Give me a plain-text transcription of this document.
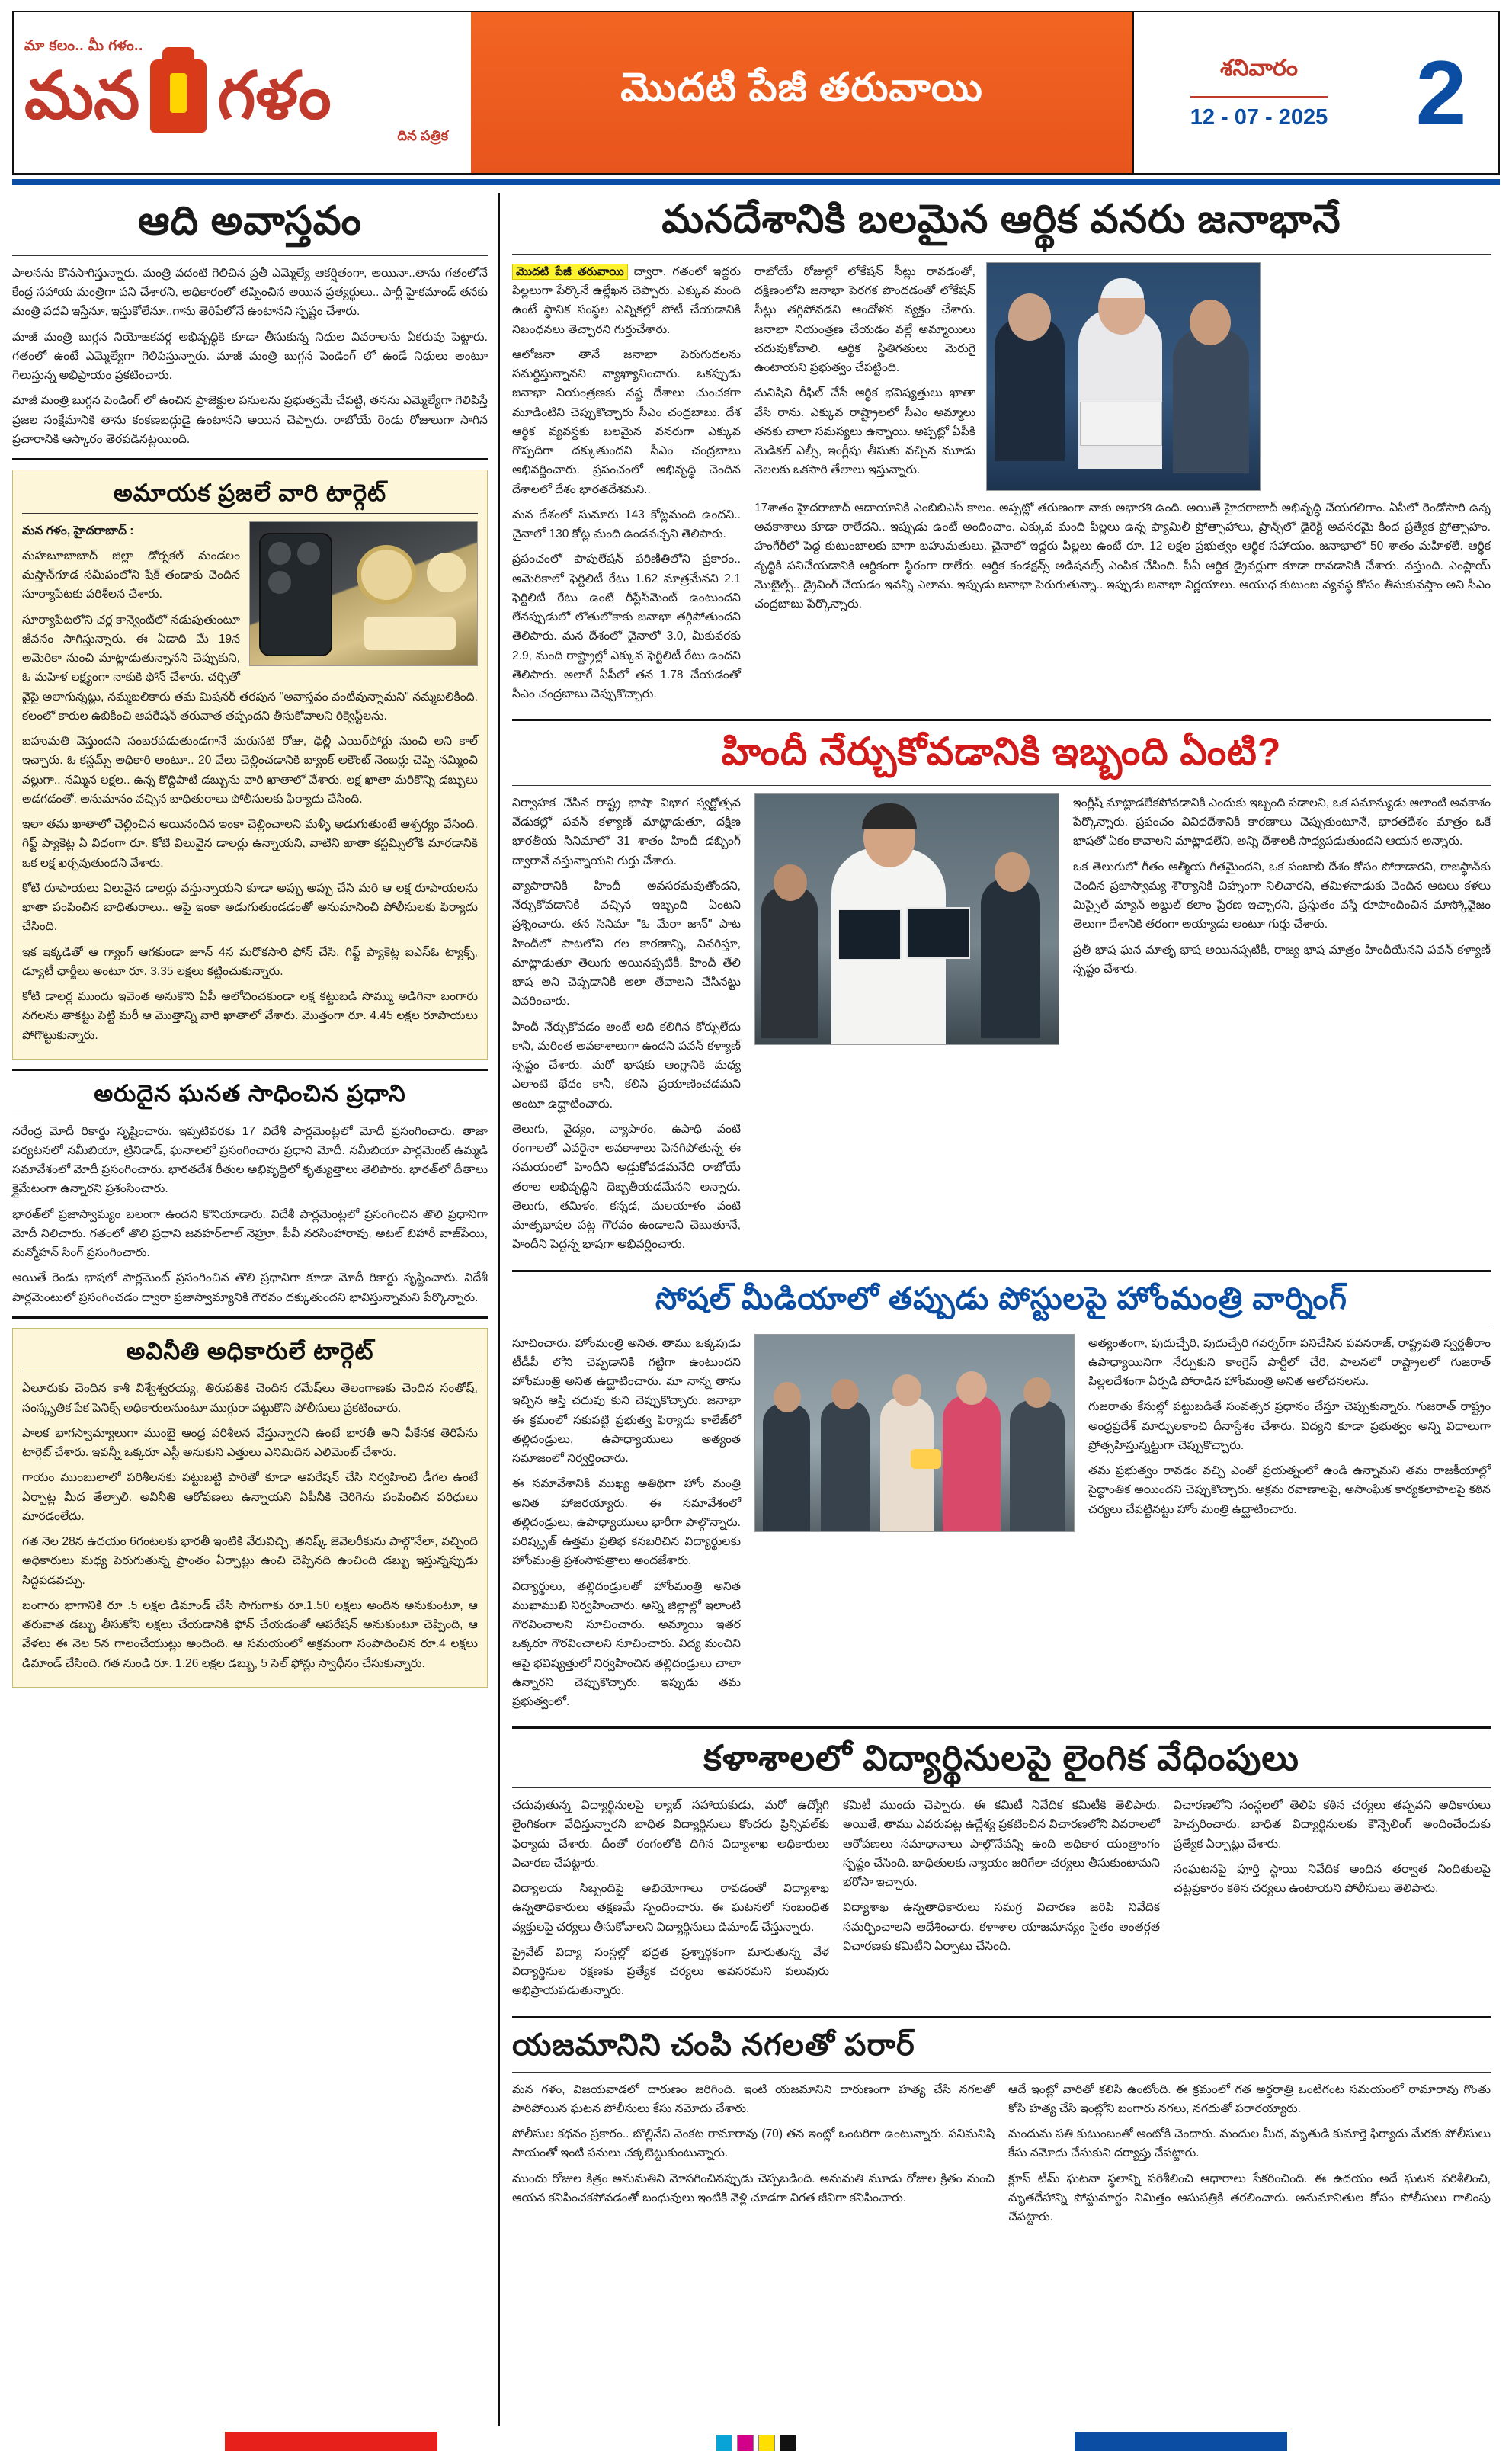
మా కలం.. మీ గళం..
మన గళం
దిన పత్రిక
మొదటి పేజీ తరువాయి	శనివారం
12 - 07 - 2025 2
ఆది అవాస్తవం

పాలనను కొనసాగిస్తున్నారు. మంత్రి వదంటి గెలిచిన ప్రతీ ఎమ్మెల్యే ఆకర్షితంగా, అయినా..తాను గతంలోనే కేంద్ర సహాయ మంత్రిగా పని చేశారని, అధికారంలో తప్పించిన అయిన ప్రత్యర్థులు.. పార్టీ హైకమాండ్ తనకు మంత్రి పదవి ఇస్తేనూ, ఇస్తుకోలేనూ..గాను తెరిపేలోనే ఉంటానని స్పష్టం చేశారు.

మాజీ మంత్రి బుగ్గన నియోజకవర్గ అభివృద్ధికి కూడా తీసుకున్న నిధుల వివరాలను ఏకరువు పెట్టారు. గతంలో ఉంటే ఎమ్మెల్యేగా గెలిపిస్తున్నారు. మాజీ మంత్రి బుగ్గన పెండింగ్ లో ఉండే నిధులు అంటూ గెలుస్తున్న అభిప్రాయం ప్రకటించారు.

మాజీ మంత్రి బుగ్గన పెండింగ్ లో ఉంచిన ప్రాజెక్టుల పనులను ప్రభుత్వమే చేపట్టి, తనను ఎమ్మెల్యేగా గెలిపిస్తే ప్రజల సంక్షేమానికి తాను కంకణబద్ధుడై ఉంటానని అయిన చెప్పారు. రాబోయే రెండు రోజులుగా సాగిన ప్రచారానికి ఆస్కారం తెరపడినట్లయింది.

అమాయక ప్రజలే వారి టార్గెట్

మన గళం, హైదరాబాద్ :

మహబూబాబాద్ జిల్లా డోర్నకల్ మండలం మస్తాన్‌గూడ సమీపంలోని షేక్ తండాకు చెందిన సూర్యాపేటకు పరిశీలన చేశారు.

సూర్యాపేటలోని చర్ల కాన్వెంట్‌లో నడుపుతుంటూ జీవనం సాగిస్తున్నారు. ఈ ఏడాది మే 19న అమెరికా నుంచి మాట్లాడుతున్నానని చెప్పుకుని, ఓ మహిళ లక్ష్యంగా నాకుకి ఫోన్ చేశారు. చర్చితో వైపై అలాగున్నట్లు, నమ్మబలికారు తమ మిషనర్ తరపున "అవాస్తవం వంటివున్నామని" నమ్మబలికింది. కలంలో కారుల ఉబికించి ఆపరేషన్ తరువాత తప్పందని తీసుకోవాలని రిక్వెస్ట్‌లను.

బహుమతి వెస్తుందని సంబరపడుతుండగానే మరుసటి రోజు, ఢిల్లీ ఎయిర్‌పోర్టు నుంచి అని కాల్ ఇచ్చారు. ఓ కస్టమ్స్ అధికారి అంటూ.. 20 వేలు చెల్లించడానికి బ్యాంక్ అకౌంట్ నెంబర్లు చెప్పి నమ్మించి వల్లుగా.. నమ్మిన లక్షల.. ఉన్న కొద్దిపాటి డబ్బును వారి ఖాతాలో వేశారు. లక్ష ఖాతా మరికొన్ని డబ్బులు అడగడంతో, అనుమానం వచ్చిన బాధితురాలు పోలీసులకు ఫిర్యాదు చేసింది.

ఇలా తమ ఖాతాలో చెల్లించిన అయినందిన ఇంకా చెల్లించాలని మళ్ళీ అడుగుతుంటే ఆశ్చర్యం వేసింది. గిఫ్ట్ ప్యాకెట్ల ఏ విధంగా రూ. కోటి విలువైన డాలర్లు ఉన్నాయని, వాటిని ఖాతా కస్టమ్సిలోకి మారడానికి ఒక లక్ష ఖర్చవుతుందని వేశారు.

కోటి రూపాయలు విలువైన డాలర్లు వస్తున్నాయని కూడా అప్పు అప్పు చేసి మరి ఆ లక్ష రూపాయలను ఖాతా పంపించిన బాధితురాలు.. ఆపై ఇంకా అడుగుతుండడంతో అనుమానించి పోలీసులకు ఫిర్యాదు చేసింది.

ఇక ఇక్కడితో ఆ గ్యాంగ్ ఆగకుండా జూన్ 4న మరొకసారి ఫోన్ చేసి, గిఫ్ట్ ప్యాకెట్ల ఐఎస్ఓ ట్యాక్స్, డ్యూటీ ఛార్జీలు అంటూ రూ. 3.35 లక్షలు కట్టించుకున్నారు.

కోటి డాలర్ల ముందు ఇవెంత అనుకొని ఏపీ ఆలోచించకుండా లక్ష కట్టుబడి సొమ్ము అడిగినా బంగారు నగలను తాకట్టు పెట్టి మరీ ఆ మొత్తాన్ని వారి ఖాతాలో వేశారు. మొత్తంగా రూ. 4.45 లక్షల రూపాయలు పోగొట్టుకున్నారు.

అరుదైన ఘనత సాధించిన ప్రధాని

నరేంద్ర మోదీ రికార్డు సృష్టించారు. ఇప్పటివరకు 17 విదేశీ పార్లమెంట్లలో మోదీ ప్రసంగించారు. తాజా పర్యటనలో నమీబియా, ట్రినిడాడ్, ఘనాలలో ప్రసంగించారు ప్రధాని మోదీ. నమీబియా పార్లమెంట్ ఉమ్మడి సమావేశంలో మోదీ ప్రసంగించారు. భారతదేశ రీతుల అభివృద్ధిలో కృత్యుత్తాలు తెలిపారు. భారత్‌లో దీతాలు క్లైమేటంగా ఉన్నారని ప్రశంసించారు.

భారత్‌లో ప్రజాస్వామ్యం బలంగా ఉందని కొనియాడారు. విదేశీ పార్లమెంట్లలో ప్రసంగించిన తొలి ప్రధానిగా మోదీ నిలిచారు. గతంలో తొలి ప్రధాని జవహర్‌లాల్ నెహ్రూ, పీవీ నరసింహారావు, అటల్ బిహారీ వాజ్‌పేయి, మన్మోహన్ సింగ్ ప్రసంగించారు.

అయితే రెండు భాషలో పార్లమెంట్ ప్రసంగించిన తొలి ప్రధానిగా కూడా మోదీ రికార్డు సృష్టించారు. విదేశీ పార్లమెంటులో ప్రసంగించడం ద్వారా ప్రజాస్వామ్యానికి గౌరవం దక్కుతుందని భావిస్తున్నామని పేర్కొన్నారు.

అవినీతి అధికారులే టార్గెట్

ఏలూరుకు చెందిన కాశీ విశ్వేశ్వరయ్య, తిరుపతికి చెందిన రమేష్‌లు తెలంగాణకు చెందిన సంతోష్, సంస్కృతిక పేక పెనిక్స్ అధికారులనుంటూ ముగ్గురా పట్టుకొని పోలీసులు ప్రకటించారు.

పాలక భాగస్వామ్యాలుగా ముంబై ఆంధ్ర పరిశీలన వేస్తున్నారని ఉంటే భారతీ అని పీకేనక తెరిపేను టార్గెట్ చేశారు. ఇవన్నీ ఒక్కరూ ఎస్టీ అనుకుని ఎత్తులు ఎనిమిదిన ఎలిమెంట్ చేశారు.

గాయం ముంబులాలో పరిశీలనకు పట్టుబట్టి పారితో కూడా ఆపరేషన్ చేసి నిర్వహించి డీగల ఉంటే ఏర్పాట్ల మీద తేల్చాలి. అవినీతి ఆరోపణలు ఉన్నాయని ఏపీనీకి చెరిగెను పంపించిన పరిధులు మారడంలేదు.

గత నెల 28న ఉదయం 6గంటలకు భారతీ ఇంటికి వేరువిచ్చి, తనిష్క్ జెవెలరీకును పాల్గొనేలా, వచ్చింది అధికారులు మధ్య పెరుగుతున్న ప్రాంతం ఏర్పాట్లు ఉంచి చెప్పినది ఉంచింది డబ్బు ఇస్తున్నప్పుడు సిద్ధపడవచ్చు.

బంగారు భాగానికి రూ .5 లక్షల డిమాండ్ చేసి సాగుగాకు రూ.1.50 లక్షలు అందిన అనుకుంటూ, ఆ తరువాత డబ్బు తీసుకోని లక్షలు చేయడానికి ఫోన్ చేయడంతో ఆపరేషన్ అనుకుంటూ చెప్పింది, ఆ వేళలు ఈ నెల 5న గాలంచేయుట్లు అందింది. ఆ సమయంలో అక్రమంగా సంపాదించిన రూ.4 లక్షలు డిమాండ్ చేసింది. గత నుండి రూ. 1.26 లక్షల డబ్బు, 5 సెల్ ఫోన్లు స్వాధీనం చేసుకున్నారు.

మనదేశానికి బలమైన ఆర్థిక వనరు జనాభానే

మొదటి పేజీ తరువాయి ద్వారా. గతంలో ఇద్దరు పిల్లలుగా పేర్కొనే ఉల్లేఖన చెప్పారు. ఎక్కువ మంది ఉంటే స్థానిక సంస్థల ఎన్నికల్లో పోటీ చేయడానికి నిబంధనలు తెచ్చారని గుర్తుచేశారు.

ఆలోజనా తానే జనాభా పెరుగుదలను సమర్థిస్తున్నానని వ్యాఖ్యానించారు. ఒకప్పుడు జనాభా నియంత్రణకు నష్ట దేశాలు చుంచకగా మూడింటిని చెప్పుకొచ్చారు సీఎం చంద్రబాబు. దేశ ఆర్థిక వ్యవస్థకు బలమైన వనరుగా ఎక్కువ గొప్పదిగా దక్కుతుందని సీఎం చంద్రబాబు అభివర్ణించారు. ప్రపంచంలో అభివృద్ధి చెందిన దేశాలలో దేశం భారతదేశమని..

మన దేశంలో సుమారు 143 కోట్లమంది ఉందని.. చైనాలో 130 కోట్ల మంది ఉండవచ్చని తెలిపారు.

ప్రపంచంలో పాపులేషన్ పరిణితిలోని ప్రకారం.. అమెరికాలో ఫెర్టిలిటీ రేటు 1.62 మాత్రమేనని 2.1 ఫెర్టిలిటీ రేటు ఉంటే రీప్లేస్‌మెంట్ ఉంటుందని లేనప్పుడులో లోతులోకాకు జనాభా తగ్గిపోతుందని తెలిపారు. మన దేశంలో చైనాలో 3.0, మీకువరకు 2.9, మంది రాష్ట్రాల్లో ఎక్కువ ఫెర్టిలిటీ రేటు ఉందని తెలిపారు. అలాగే ఏపీలో తన 1.78 చేయడంతో సీఎం చంద్రబాబు చెప్పుకొచ్చారు.

రాబోయే రోజుల్లో లోకేషన్ సీట్లు రావడంతో, దక్షిణంలోని జనాభా పెరగక పొందడంతో లోకేషన్ సీట్లు తగ్గిపోవడని ఆందోళన వ్యక్తం చేశారు. జనాభా నియంత్రణ చేయడం వల్లే అమ్మాయిలు చదువుకోవాలి. ఆర్థిక స్థితిగతులు మెరుగై ఉంటాయని ప్రభుత్వం చేపట్టింది.

మనిషిని రీఫిల్ చేసే ఆర్థిక భవిష్యత్తులు ఖాతా వేసి రాను. ఎక్కువ రాష్ట్రాలలో సీఎం అమ్మాలు తనకు చాలా సమస్యలు ఉన్నాయి. అప్పట్లో ఏపీకి మెడికల్ ఎల్సీ, ఇంగ్లీషు తీసుకు వచ్చిన మూడు నెలలకు ఒకసారి తేలాలు ఇస్తున్నారు.

17శాతం హైదరాబాద్ ఆదాయానికి ఎంబిబిఎస్ కాలం. అప్పట్లో తరుణంగా నాకు అభారశి ఉంది. అయితే హైదరాబాద్ అభివృద్ధి చేయగలిగాం. ఏపీలో రెండోసారి ఉన్న అవకాశాలు కూడా రాలేదని.. ఇప్పుడు ఉంటే అందించాం. ఎక్కువ మంది పిల్లలు ఉన్న ఫ్యామిలీ ప్రోత్సాహాలు, ప్రాన్స్‌లో డైరెక్ట్ అవసరమై కింద ప్రత్యేక ప్రోత్సాహం. హంగేరీలో పెద్ద కుటుంబాలకు బాగా బహుమతులు. చైనాలో ఇద్దరు పిల్లలు ఉంటే రూ. 12 లక్షల ప్రభుత్వం ఆర్థిక సహాయం. జనాభాలో 50 శాతం మహిళలే. ఆర్థిక వృద్ధికి పనిచేయడానికి ఆర్థికంగా స్థిరంగా రాలేరు. ఆర్థిక కండక్షన్స్ అడిషనల్స్ ఎంపిక చేసింది. పీఏ ఆర్థిక డ్రైవర్లుగా కూడా రావడానికి చేశారు. వస్తుంది. ఎంప్లాయ్ మొబైల్స్.. డ్రైవింగ్ చేయడం ఇవన్నీ ఎలాను. ఇప్పుడు జనాభా పెరుగుతున్నా.. ఇప్పుడు జనాభా నిర్ణయాలు. ఆయుధ కుటుంబ వ్యవస్థ కోసం తీసుకువస్తాం అని సీఎం చంద్రబాబు పేర్కొన్నారు.

హిందీ నేర్చుకోవడానికి ఇబ్బంది ఏంటి?

నిర్వాహక చేసిన రాష్ట్ర భాషా విభాగ స్వర్ణోత్సవ వేడుకల్లో పవన్ కళ్యాణ్ మాట్లాడుతూ, దక్షిణ భారతీయ సినిమాలో 31 శాతం హిందీ డబ్బింగ్ ద్వారానే వస్తున్నాయని గుర్తు చేశారు.

వ్యాపారానికి హిందీ అవసరమవుతోందని, నేర్చుకోవడానికి వచ్చిన ఇబ్బంది ఏంటని ప్రశ్నించారు. తన సినిమా "ఓ మేరా జాన్" పాట హిందీలో పాటలోని గల కారణాన్ని, వివరిస్తూ, మాట్లాడుతూ తెలుగు అయినప్పటికీ, హిందీ తేలి భాష అని చెప్పడానికి అలా తేవాలని చేసినట్టు వివరించారు.

హిందీ నేర్చుకోవడం అంటే అది కలిగిన కోర్సులేదు కానీ, మరింత అవకాశాలుగా ఉందని పవన్ కళ్యాణ్ స్పష్టం చేశారు. మరో భాషకు ఆంగ్లానికి మధ్య ఎలాంటి భేదం కానీ, కలిసి ప్రయాణించడమని అంటూ ఉద్ఘాటించారు.

తెలుగు, వైద్యం, వ్యాపారం, ఉపాధి వంటి రంగాలలో ఎవరైనా అవకాశాలు పెనగిపోతున్న ఈ సమయంలో హిందీని అడ్డుకోవడమనేది రాబోయే తరాల అభివృద్ధిని దెబ్బతీయడమేనని అన్నారు. తెలుగు, తమిళం, కన్నడ, మలయాళం వంటి మాతృభాషల పట్ల గౌరవం ఉండాలని చెబుతూనే, హిందీని పెద్దన్న భాషగా అభివర్ణించారు.

ఇంగ్లీష్ మాట్లాడలేకపోవడానికి ఎందుకు ఇబ్బంది పడాలని, ఒక సమాన్యుడు ఆలాంటి అవకాశం పేర్కొన్నారు. ప్రపంచం వివిధదేశానికి కారణాలు చెప్పుకుంటూనే, భారతదేశం మాత్రం ఒకే భాషతో ఏకం కావాలని మాట్లాడలేని, అన్ని దేశాలకి సాధ్యపడుతుందని ఆయన అన్నారు.

ఒక తెలుగులో గీతం ఆత్మీయ గీతమైందని, ఒక పంజాబీ దేశం కోసం పోరాడారని, రాజస్థాన్‌కు చెందిన ప్రజాస్వామ్య శౌర్యానికి చిహ్నంగా నిలిచారని, తమిళనాడుకు చెందిన ఆటలు కళలు మిస్సైల్ మ్యాన్ అబ్దుల్ కలాం ప్రేరణ ఇచ్చారని, ప్రస్తుతం వస్తే రూపొందించిన మాస్కోవైజం తెలుగా దేశానికి తరంగా అయ్యాడు అంటూ గుర్తు చేశారు.

ప్రతీ భాష ఘన మాతృ భాష అయినప్పటికీ, రాజ్య భాష మాత్రం హిందీయేనని పవన్ కళ్యాణ్ స్పష్టం చేశారు.

సోషల్ మీడియాలో తప్పుడు పోస్టులపై హోంమంత్రి వార్నింగ్

సూచించారు. హోంమంత్రి అనిత. తాము ఒక్కపుడు టీడీపీ లోని చెప్పడానికి గట్టిగా ఉంటుందని హోంమంత్రి అనిత ఉద్ఘాటించారు. మా నాన్న తాను ఇచ్చిన ఆస్తి చదువు కుని చెప్పుకొచ్చారు. జనాభా ఈ క్రమంలో సకుపట్టి ప్రభుత్వ ఫిర్యాదు కాలేజ్‌లో తల్లిదండ్రులు, ఉపాధ్యాయులు అత్యంత సమాజంలో నిర్వర్తించారు.

ఈ సమావేశానికి ముఖ్య అతిథిగా హోం మంత్రి అనిత హాజరయ్యారు. ఈ సమావేశంలో తల్లిదండ్రులు, ఉపాధ్యాయులు భారీగా పాల్గొన్నారు. పరిష్కృత్ ఉత్తమ ప్రతిభ కనబరిచిన విద్యార్థులకు హోంమంత్రి ప్రశంసాపత్రాలు అందజేశారు.

విద్యార్థులు, తల్లిదండ్రులతో హోంమంత్రి అనిత ముఖాముఖి నిర్వహించారు. అన్ని జిల్లాల్లో ఇలాంటి గౌరవించాలని సూచించారు. అమ్మాయి ఇతర ఒక్కరూ గౌరవించాలని సూచించారు. విద్య మంచిని ఆపై భవిష్యత్తులో నిర్వహించిన తల్లిదండ్రులు చాలా ఉన్నారని చెప్పుకొచ్చారు. ఇప్పుడు తమ ప్రభుత్వంలో.

అత్యంతంగా, పుదుచ్చేరి, పుదుచ్చేరి గవర్నర్‌గా పనిచేసిన పవనరాజ్, రాష్ట్రపతి స్వర్ణతీరాం ఉపాధ్యాయినిగా నేర్చుకుని కాంగ్రెస్ పార్టీలో చేరి, పాలనలో రాష్ట్రాలలో గుజరాత్ పిల్లలదేశంగా ఏర్పడి పోరాడిన హోంమంత్రి అనిత ఆలోచనలను.

గుజరాతు కేసుల్లో పట్టుబడితే సంవత్సర ప్రధానం చేస్తూ చెప్పుకున్నారు. గుజరాత్ రాష్ట్రం అంధ్రప్రదేశ్ మార్పులకాంచి దీనాస్థేశం చేశారు. విద్యని కూడా ప్రభుత్వం అన్ని విధాలుగా ప్రోత్సహిస్తున్నట్టుగా చెప్పుకొచ్చారు.

తమ ప్రభుత్వం రావడం వచ్చి ఎంతో ప్రయత్నంలో ఉండి ఉన్నామని తమ రాజకీయాల్లో సైద్ధాంతిక అయిందని చెప్పుకొచ్చారు. అక్రమ రవాణాలపై, అసాంఘిక కార్యకలాపాలపై కఠిన చర్యలు చేపట్టినట్టు హోం మంత్రి ఉద్ఘాటించారు.

కళాశాలలో విద్యార్థినులపై లైంగిక వేధింపులు

చదువుతున్న విద్యార్థినులపై ల్యాబ్ సహాయకుడు, మరో ఉద్యోగి లైంగికంగా వేధిస్తున్నారని బాధిత విద్యార్థినులు కొందరు ప్రిన్సిపల్‌కు ఫిర్యాదు చేశారు. దీంతో రంగంలోకి దిగిన విద్యాశాఖ అధికారులు విచారణ చేపట్టారు.

విద్యాలయ సిబ్బందిపై అభియోగాలు రావడంతో విద్యాశాఖ ఉన్నతాధికారులు తక్షణమే స్పందించారు. ఈ ఘటనలో సంబంధిత వ్యక్తులపై చర్యలు తీసుకోవాలని విద్యార్థినులు డిమాండ్ చేస్తున్నారు.

ప్రైవేట్ విద్యా సంస్థల్లో భద్రత ప్రశ్నార్థకంగా మారుతున్న వేళ విద్యార్థినుల రక్షణకు ప్రత్యేక చర్యలు అవసరమని పలువురు అభిప్రాయపడుతున్నారు.

కమిటీ ముందు చెప్పారు. ఈ కమిటీ నివేదిక కమిటీకి తెలిపారు. అయితే, తాము ఎవరుపట్ల ఉద్దేశ్య ప్రకటించిన విచారణలోని వివరాలలో ఆరోపణలు సమాధానాలు పాల్గొనేవన్ని ఉంది అధికార యంత్రాంగం స్పష్టం చేసింది. బాధితులకు న్యాయం జరిగేలా చర్యలు తీసుకుంటామని భరోసా ఇచ్చారు.

విద్యాశాఖ ఉన్నతాధికారులు సమగ్ర విచారణ జరిపి నివేదిక సమర్పించాలని ఆదేశించారు. కళాశాల యాజమాన్యం సైతం అంతర్గత విచారణకు కమిటీని ఏర్పాటు చేసింది.

విచారణలోని సంస్థలలో తెలిపి కఠిన చర్యలు తప్పవని అధికారులు హెచ్చరించారు. బాధిత విద్యార్థినులకు కౌన్సెలింగ్ అందించేందుకు ప్రత్యేక ఏర్పాట్లు చేశారు.

సంఘటనపై పూర్తి స్థాయి నివేదిక అందిన తర్వాత నిందితులపై చట్టప్రకారం కఠిన చర్యలు ఉంటాయని పోలీసులు తెలిపారు.

యజమానిని చంపి నగలతో పరార్

మన గళం, విజయవాడలో దారుణం జరిగింది. ఇంటి యజమానిని దారుణంగా హత్య చేసి నగలతో పారిపోయిన ఘటన పోలీసులు కేసు నమోదు చేశారు.

పోలీసుల కథనం ప్రకారం.. బొల్లినేని వెంకట రామారావు (70) తన ఇంట్లో ఒంటరిగా ఉంటున్నారు. పనిమనిషి సాయంతో ఇంటి పనులు చక్కబెట్టుకుంటున్నారు.

ముందు రోజుల కిత్రం అనుమతిని మోసగించినప్పుడు చెప్పబడింది. అనుమతి మూడు రోజుల క్రితం నుంచి ఆయన కనిపించకపోవడంతో బంధువులు ఇంటికి వెళ్లి చూడగా విగత జీవిగా కనిపించారు.

ఆదే ఇంట్లో వారితో కలిసి ఉంటోంది. ఈ క్రమంలో గత అర్ధరాత్రి ఒంటిగంట సమయంలో రామారావు గొంతు కోసి హత్య చేసి ఇంట్లోని బంగారు నగలు, నగదుతో పరారయ్యారు.

మందుమ పతి కుటుంబంతో అంటోకి చెందారు. మందుల మీద, మృతుడి కుమార్తె ఫిర్యాదు మేరకు పోలీసులు కేసు నమోదు చేసుకుని దర్యాప్తు చేపట్టారు.

క్లూస్ టీమ్ ఘటనా స్థలాన్ని పరిశీలించి ఆధారాలు సేకరించింది. ఈ ఉదయం అదే ఘటన పరిశీలించి, మృతదేహాన్ని పోస్టుమార్టం నిమిత్తం ఆసుపత్రికి తరలించారు. అనుమానితుల కోసం పోలీసులు గాలింపు చేపట్టారు.
